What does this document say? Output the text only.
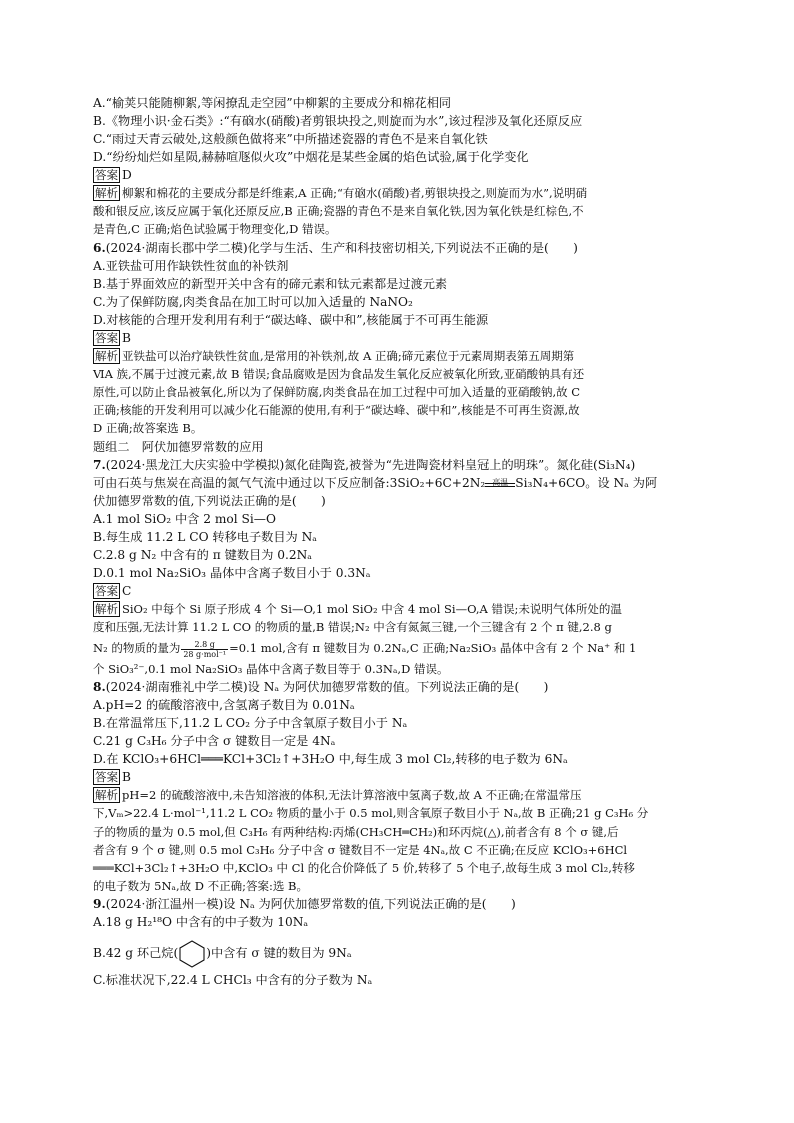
A.“榆荚只能随柳絮,等闲撩乱走空园”中柳絮的主要成分和棉花相同
B.《物理小识·金石类》:“有硇水(硝酸)者剪银块投之,则旋而为水”,该过程涉及氧化还原反应
C.“雨过天青云破处,这般颜色做将来”中所描述瓷器的青色不是来自氧化铁
D.“纷纷灿烂如星陨,赫赫喧豗似火攻”中烟花是某些金属的焰色试验,属于化学变化
答案 D
解析 柳絮和棉花的主要成分都是纤维素,A 正确;“有硇水(硝酸)者,剪银块投之,则旋而为水”,说明硝
酸和银反应,该反应属于氧化还原反应,B 正确;瓷器的青色不是来自氧化铁,因为氧化铁是红棕色,不
是青色,C 正确;焰色试验属于物理变化,D 错误。
6.(2024·湖南长郡中学二模)化学与生活、生产和科技密切相关,下列说法不正确的是(　　)
A.亚铁盐可用作缺铁性贫血的补铁剂
B.基于界面效应的新型开关中含有的碲元素和钛元素都是过渡元素
C.为了保鲜防腐,肉类食品在加工时可以加入适量的 NaNO₂
D.对核能的合理开发利用有利于“碳达峰、碳中和”,核能属于不可再生能源
答案 B
解析 亚铁盐可以治疗缺铁性贫血,是常用的补铁剂,故 A 正确;碲元素位于元素周期表第五周期第
ⅥA 族,不属于过渡元素,故 B 错误;食品腐败是因为食品发生氧化反应被氧化所致,亚硝酸钠具有还
原性,可以防止食品被氧化,所以为了保鲜防腐,肉类食品在加工过程中可加入适量的亚硝酸钠,故 C
正确;核能的开发利用可以减少化石能源的使用,有利于“碳达峰、碳中和”,核能是不可再生资源,故
D 正确;故答案选 B。
题组二　阿伏加德罗常数的应用
7.(2024·黑龙江大庆实验中学模拟)氮化硅陶瓷,被誉为“先进陶瓷材料皇冠上的明珠”。氮化硅(Si₃N₄)
可由石英与焦炭在高温的氮气气流中通过以下反应制备:3SiO₂+6C+2N₂ 高温 Si₃N₄+6CO。设 Nₐ 为阿
伏加德罗常数的值,下列说法正确的是(　　)
A.1 mol SiO₂ 中含 2 mol Si—O
B.每生成 11.2 L CO 转移电子数目为 Nₐ
C.2.8 g N₂ 中含有的 π 键数目为 0.2Nₐ
D.0.1 mol Na₂SiO₃ 晶体中含离子数目小于 0.3Nₐ
答案 C
解析 SiO₂ 中每个 Si 原子形成 4 个 Si—O,1 mol SiO₂ 中含 4 mol Si—O,A 错误;未说明气体所处的温
度和压强,无法计算 11.2 L CO 的物质的量,B 错误;N₂ 中含有氮氮三键,一个三键含有 2 个 π 键,2.8 g
N₂ 的物质的量为	2.8 g
28 g·mol⁻¹ =0.1 mol,含有 π 键数目为 0.2Nₐ,C 正确;Na₂SiO₃ 晶体中含有 2 个 Na⁺ 和 1
个 SiO₃²⁻,0.1 mol Na₂SiO₃ 晶体中含离子数目等于 0.3Nₐ,D 错误。
8.(2024·湖南雅礼中学二模)设 Nₐ 为阿伏加德罗常数的值。下列说法正确的是(　　)
A.pH=2 的硫酸溶液中,含氢离子数目为 0.01Nₐ
B.在常温常压下,11.2 L CO₂ 分子中含氧原子数目小于 Nₐ
C.21 g C₃H₆ 分子中含 σ 键数目一定是 4Nₐ
D.在 KClO₃+6HCl═══KCl+3Cl₂↑+3H₂O 中,每生成 3 mol Cl₂,转移的电子数为 6Nₐ
答案 B
解析 pH=2 的硫酸溶液中,未告知溶液的体积,无法计算溶液中氢离子数,故 A 不正确;在常温常压
下,Vₘ>22.4 L·mol⁻¹,11.2 L CO₂ 物质的量小于 0.5 mol,则含氧原子数目小于 Nₐ,故 B 正确;21 g C₃H₆ 分
子的物质的量为 0.5 mol,但 C₃H₆ 有两种结构:丙烯(CH₃CH═CH₂)和环丙烷(△),前者含有 8 个 σ 键,后
者含有 9 个 σ 键,则 0.5 mol C₃H₆ 分子中含 σ 键数目不一定是 4Nₐ,故 C 不正确;在反应 KClO₃+6HCl
═══KCl+3Cl₂↑+3H₂O 中,KClO₃ 中 Cl 的化合价降低了 5 价,转移了 5 个电子,故每生成 3 mol Cl₂,转移
的电子数为 5Nₐ,故 D 不正确;答案:选 B。
9.(2024·浙江温州一模)设 Nₐ 为阿伏加德罗常数的值,下列说法正确的是(　　)
A.18 g H₂¹⁸O 中含有的中子数为 10Nₐ
B.42 g 环己烷( )中含有 σ 键的数目为 9Nₐ
C.标准状况下,22.4 L CHCl₃ 中含有的分子数为 Nₐ
